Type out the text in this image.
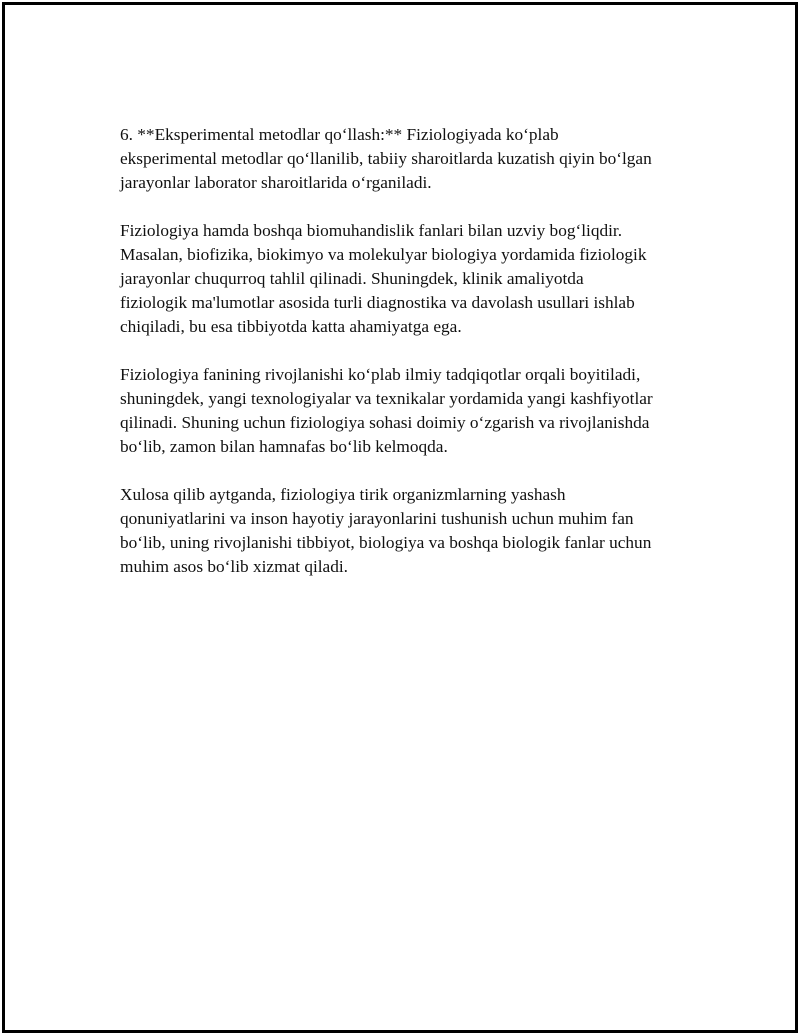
6. **Eksperimental metodlar qo‘llash:** Fiziologiyada ko‘plab
eksperimental metodlar qo‘llanilib, tabiiy sharoitlarda kuzatish qiyin bo‘lgan
jarayonlar laborator sharoitlarida o‘rganiladi.

Fiziologiya hamda boshqa biomuhandislik fanlari bilan uzviy bog‘liqdir.
Masalan, biofizika, biokimyo va molekulyar biologiya yordamida fiziologik
jarayonlar chuqurroq tahlil qilinadi. Shuningdek, klinik amaliyotda
fiziologik ma'lumotlar asosida turli diagnostika va davolash usullari ishlab
chiqiladi, bu esa tibbiyotda katta ahamiyatga ega.

Fiziologiya fanining rivojlanishi ko‘plab ilmiy tadqiqotlar orqali boyitiladi,
shuningdek, yangi texnologiyalar va texnikalar yordamida yangi kashfiyotlar
qilinadi. Shuning uchun fiziologiya sohasi doimiy o‘zgarish va rivojlanishda
bo‘lib, zamon bilan hamnafas bo‘lib kelmoqda.

Xulosa qilib aytganda, fiziologiya tirik organizmlarning yashash
qonuniyatlarini va inson hayotiy jarayonlarini tushunish uchun muhim fan
bo‘lib, uning rivojlanishi tibbiyot, biologiya va boshqa biologik fanlar uchun
muhim asos bo‘lib xizmat qiladi.
